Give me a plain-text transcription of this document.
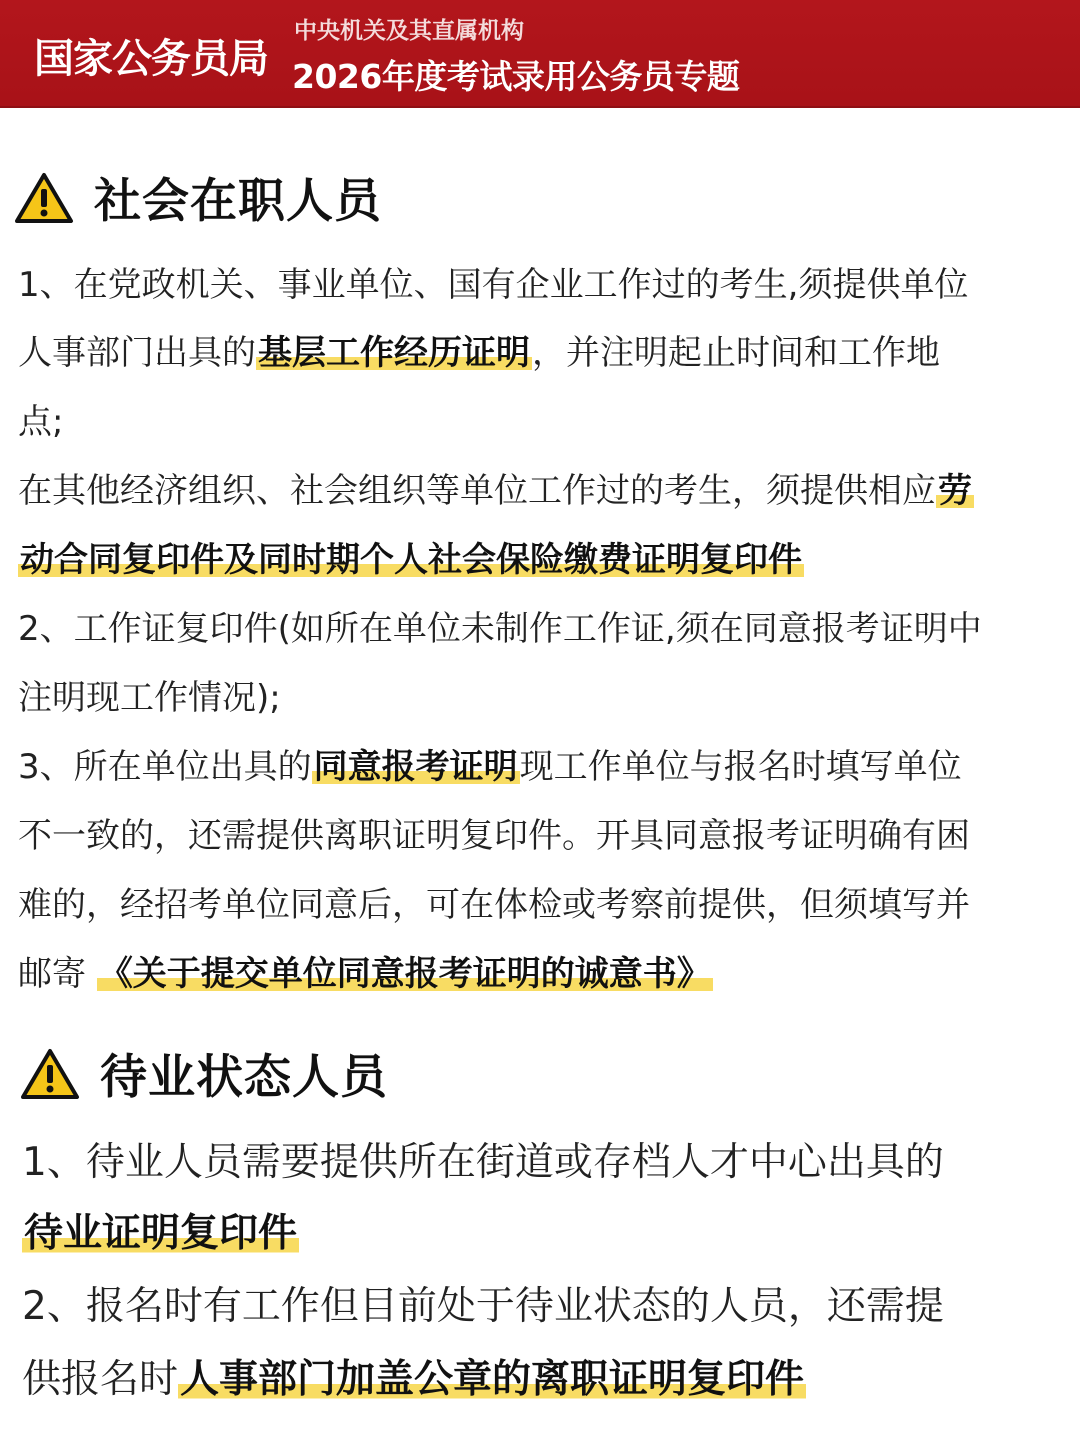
国家公务员局
中央机关及其直属机构
2026年度考试录用公务员专题
社会在职人员
1、在党政机关、事业单位、国有企业工作过的考生,须提供单位
人事部门出具的基层工作经历证明，并注明起止时间和工作地
点;
在其他经济组织、社会组织等单位工作过的考生，须提供相应劳
动合同复印件及同时期个人社会保险缴费证明复印件
2、工作证复印件(如所在单位未制作工作证,须在同意报考证明中
注明现工作情况);
3、所在单位出具的同意报考证明现工作单位与报名时填写单位
不一致的，还需提供离职证明复印件。开具同意报考证明确有困
难的，经招考单位同意后，可在体检或考察前提供，但须填写并
邮寄 《关于提交单位同意报考证明的诚意书》
待业状态人员
1、待业人员需要提供所在街道或存档人才中心出具的
待业证明复印件
2、报名时有工作但目前处于待业状态的人员，还需提
供报名时人事部门加盖公章的离职证明复印件
